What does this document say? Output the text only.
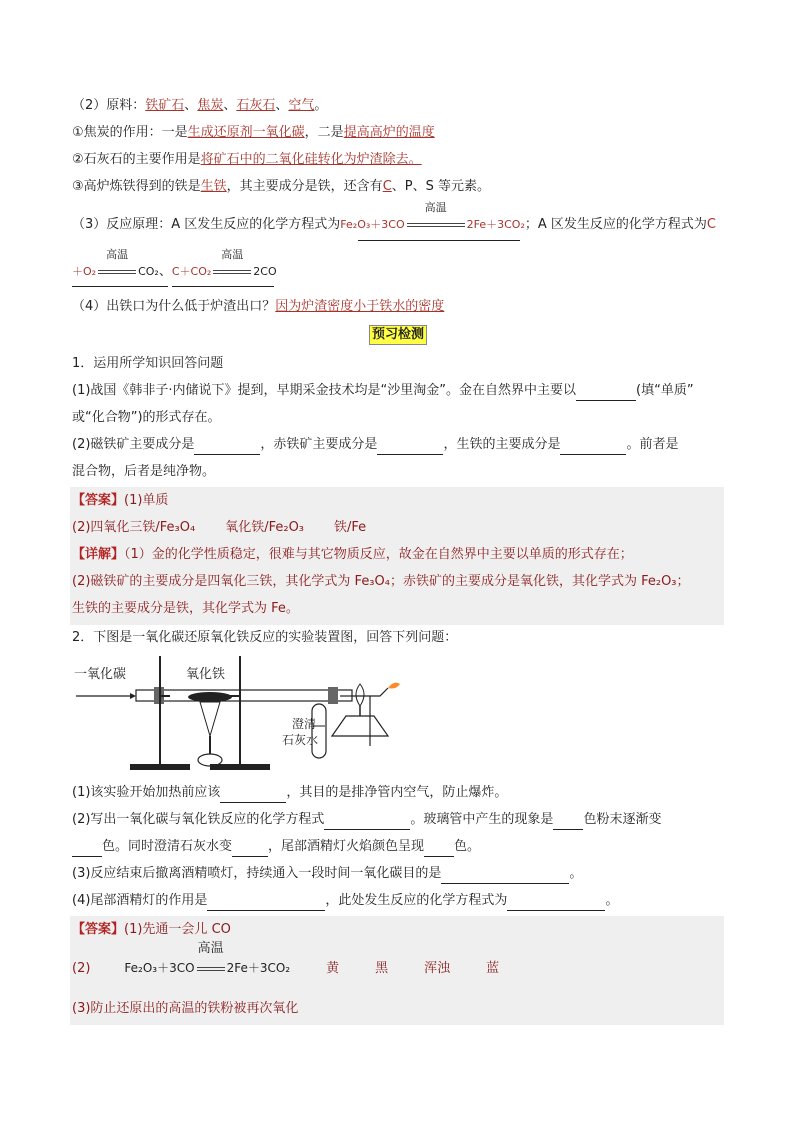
（2）原料：铁矿石、焦炭、石灰石、空气。
①焦炭的作用：一是生成还原剂一氧化碳，二是提高高炉的温度
②石灰石的主要作用是将矿石中的二氧化硅转化为炉渣除去。
③高炉炼铁得到的铁是生铁，其主要成分是铁，还含有C、P、S 等元素。
（3）反应原理：A 区发生反应的化学方程式为Fe₂O₃＋3CO
高温
2Fe＋3CO₂；A 区发生反应的化学方程式为C
＋O₂
高温
CO₂、C＋CO₂
高温
2CO
（4）出铁口为什么低于炉渣出口？因为炉渣密度小于铁水的密度
预习检测
1．运用所学知识回答问题
(1)战国《韩非子·内储说下》提到，早期采金技术均是“沙里淘金”。金在自然界中主要以	(填“单质”
或“化合物”)的形式存在。
(2)磁铁矿主要成分是	，赤铁矿主要成分是	，生铁的主要成分是	。前者是
混合物，后者是纯净物。
【答案】(1)单质
(2)四氧化三铁/Fe₃O₄ 氧化铁/Fe₂O₃ 铁/Fe
【详解】（1）金的化学性质稳定，很难与其它物质反应，故金在自然界中主要以单质的形式存在；
(2)磁铁矿的主要成分是四氧化三铁，其化学式为 Fe₃O₄；赤铁矿的主要成分是氧化铁，其化学式为 Fe₂O₃；
生铁的主要成分是铁，其化学式为 Fe。
2．下图是一氧化碳还原氧化铁反应的实验装置图，回答下列问题：
澄清
石灰水
一氧化碳	氧化铁
(1)该实验开始加热前应该	，其目的是排净管内空气，防止爆炸。
(2)写出一氧化碳与氧化铁反应的化学方程式	。玻璃管中产生的现象是 色粉末逐渐变
色。同时澄清石灰水变	，尾部酒精灯火焰颜色呈现 色。
(3)反应结束后撤离酒精喷灯，持续通入一段时间一氧化碳目的是	。
(4)尾部酒精灯的作用是	，此处发生反应的化学方程式为	。
【答案】(1)先通一会儿 CO
(2)	Fe₂O₃＋3CO
高温
2Fe＋3CO₂	黄	黑	浑浊	蓝
(3)防止还原出的高温的铁粉被再次氧化
